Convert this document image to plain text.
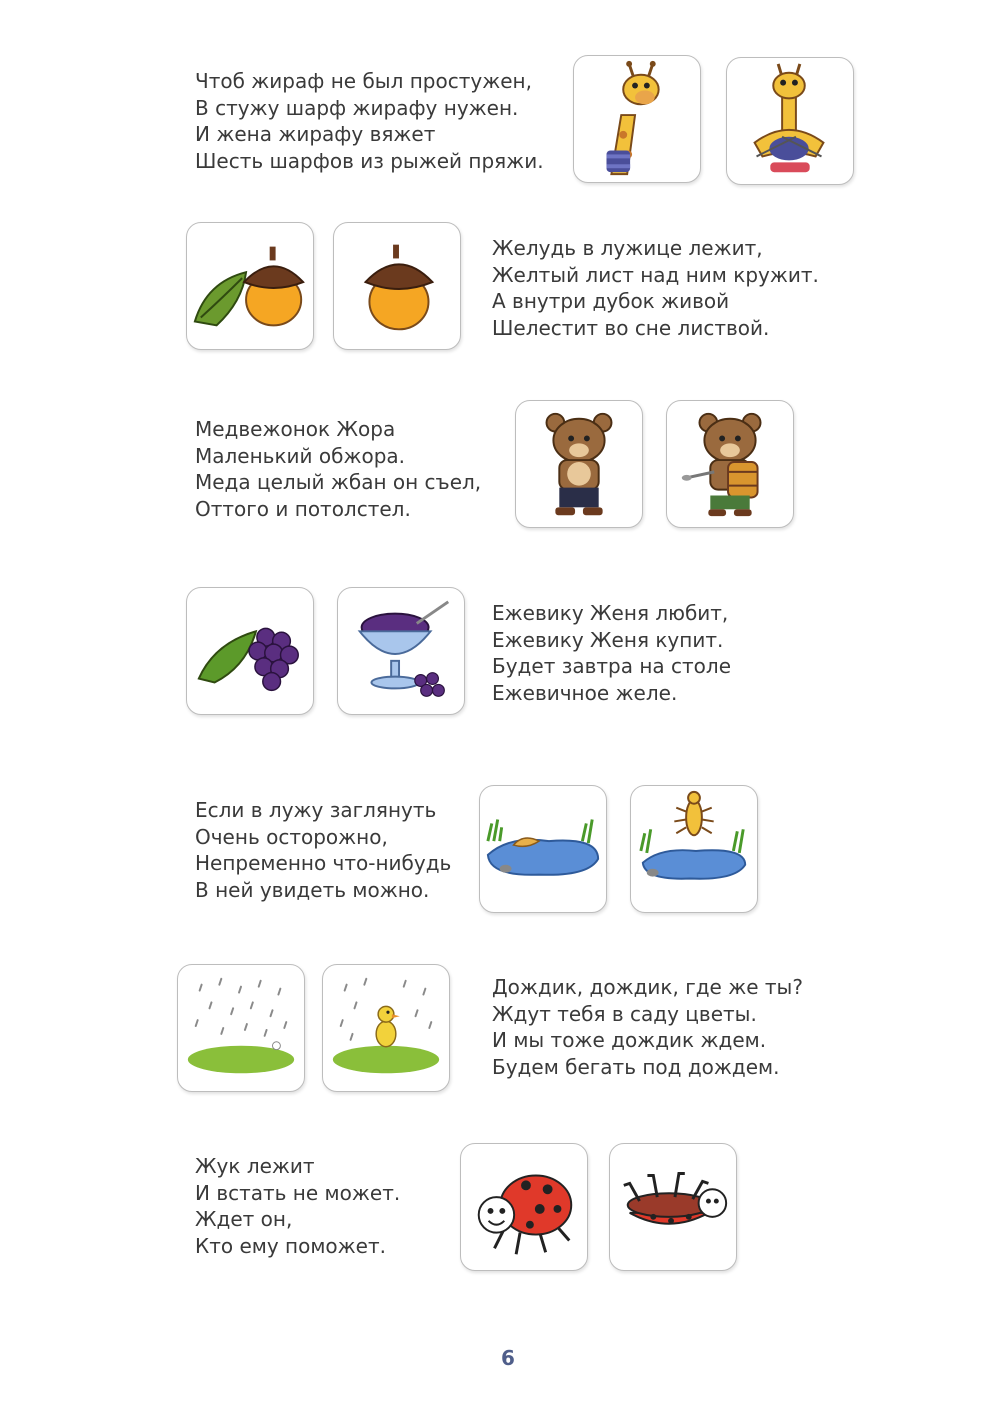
Чтоб жираф не был простужен,
В стужу шарф жирафу нужен.
И жена жирафу вяжет
Шесть шарфов из рыжей пряжи.
Желудь в лужице лежит,
Желтый лист над ним кружит.
А внутри дубок живой
Шелестит во сне листвой.
Медвежонок Жора
Маленький обжора.
Меда целый жбан он съел,
Оттого и потолстел.
Ежевику Женя любит,
Ежевику Женя купит.
Будет завтра на столе
Ежевичное желе.
Если в лужу заглянуть
Очень осторожно,
Непременно что-нибудь
В ней увидеть можно.
Дождик, дождик, где же ты?
Ждут тебя в саду цветы.
И мы тоже дождик ждем.
Будем бегать под дождем.
Жук лежит
И встать не может.
Ждет он,
Кто ему поможет.
6
